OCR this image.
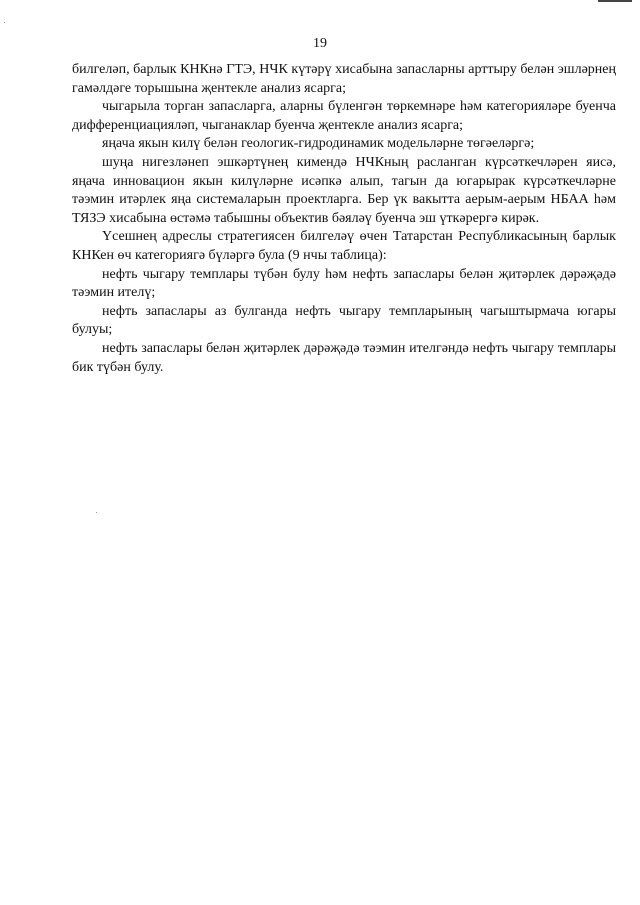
19

билгеләп, барлык КНКнә ГТЭ, НЧК күтәрү хисабына запасларны арттыру белән эшләрнең гамәлдәге торышына җентекле анализ ясарга;

чыгарыла торган запасларга, аларны бүленгән төркемнәре һәм категорияләре буенча дифференциацияләп, чыганаклар буенча җентекле анализ ясарга;

яңача якын килү белән геологик-гидродинамик модельләрне төгәеләргә;

шуңа нигезләнеп эшкәртүнең кимендә НЧКның расланган күрсәткечләрен яисә, яңача инновацион якын килүләрне исәпкә алып, тагын да югарырак күрсәткечләрне тәэмин итәрлек яңа системаларын проектларга. Бер үк вакытта аерым-аерым НБАА һәм ТЯЗЭ хисабына өстәмә табышны объектив бәяләү буенча эш үткәрергә кирәк.

Үсешнең адреслы стратегиясен билгеләү өчен Татарстан Республикасының барлык КНКен өч категориягә бүләргә була (9 нчы таблица):

нефть чыгару темплары түбән булу һәм нефть запаслары белән җитәрлек дәрәҗәдә тәэмин ителү;

нефть запаслары аз булганда нефть чыгару темпларының чагыштырмача югары булуы;

нефть запаслары белән җитәрлек дәрәҗәдә тәэмин ителгәндә нефть чыгару темплары бик түбән булу.
